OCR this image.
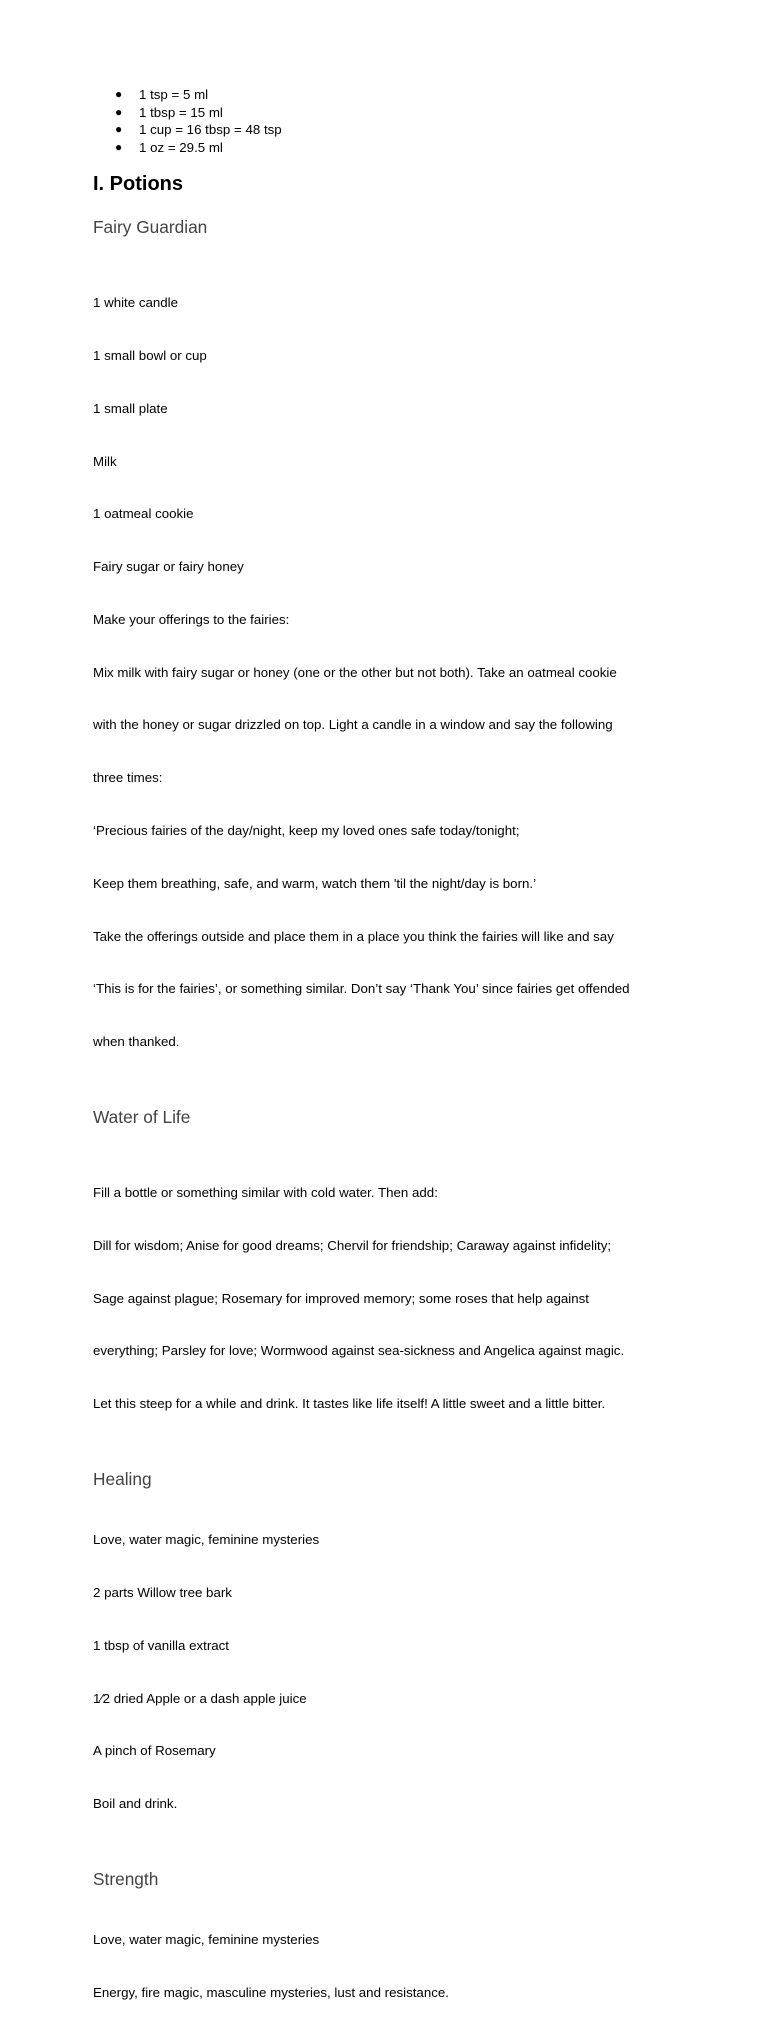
● 1 tsp = 5 ml
● 1 tbsp = 15 ml
● 1 cup = 16 tbsp = 48 tsp
● 1 oz = 29.5 ml
I. Potions
Fairy Guardian

1 white candle

1 small bowl or cup

1 small plate

Milk

1 oatmeal cookie

Fairy sugar or fairy honey

Make your offerings to the fairies:

Mix milk with fairy sugar or honey (one or the other but not both). Take an oatmeal cookie

with the honey or sugar drizzled on top. Light a candle in a window and say the following

three times:

‘Precious fairies of the day/night, keep my loved ones safe today/tonight;

Keep them breathing, safe, and warm, watch them 'til the night/day is born.’

Take the offerings outside and place them in a place you think the fairies will like and say

‘This is for the fairies’, or something similar. Don’t say ‘Thank You’ since fairies get offended

when thanked.

Water of Life

Fill a bottle or something similar with cold water. Then add:

Dill for wisdom; Anise for good dreams; Chervil for friendship; Caraway against infidelity;

Sage against plague; Rosemary for improved memory; some roses that help against

everything; Parsley for love; Wormwood against sea-sickness and Angelica against magic.

Let this steep for a while and drink. It tastes like life itself! A little sweet and a little bitter.

Healing

Love, water magic, feminine mysteries

2 parts Willow tree bark

1 tbsp of vanilla extract

1⁄2 dried Apple or a dash apple juice

A pinch of Rosemary

Boil and drink.

Strength

Love, water magic, feminine mysteries

Energy, fire magic, masculine mysteries, lust and resistance.
